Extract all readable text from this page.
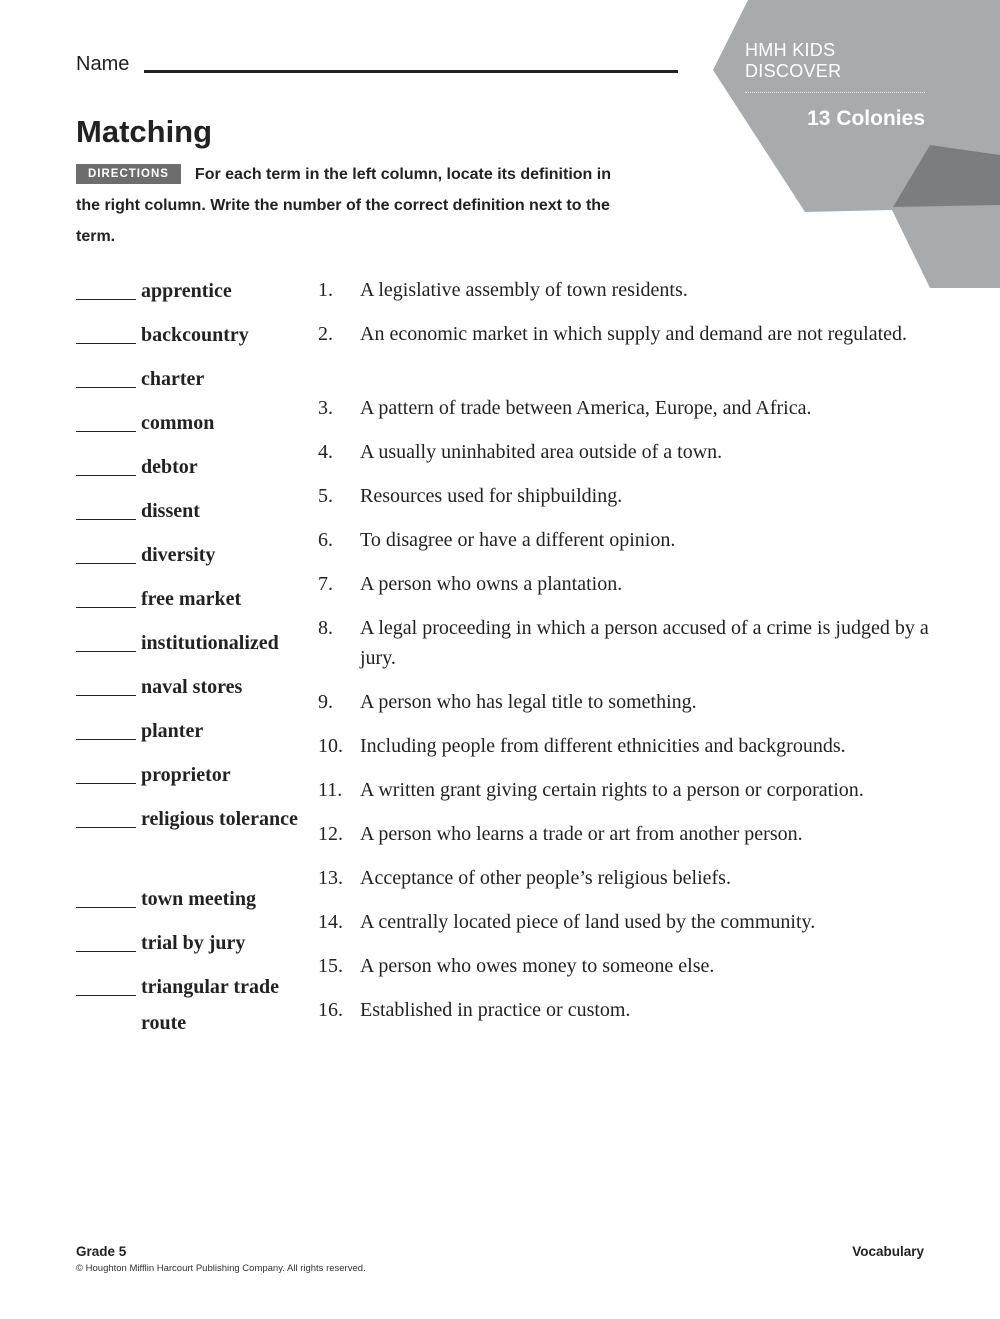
HMH KIDS DISCOVER
13 Colonies
Name
Matching
DIRECTIONS For each term in the left column, locate its definition in the right column. Write the number of the correct definition next to the term.
apprentice
backcountry
charter
common
debtor
dissent
diversity
free market
institutionalized
naval stores
planter
proprietor
religious tolerance
town meeting
trial by jury
triangular trade route
1. A legislative assembly of town residents.
2. An economic market in which supply and demand are not regulated.
3. A pattern of trade between America, Europe, and Africa.
4. A usually uninhabited area outside of a town.
5. Resources used for shipbuilding.
6. To disagree or have a different opinion.
7. A person who owns a plantation.
8. A legal proceeding in which a person accused of a crime is judged by a jury.
9. A person who has legal title to something.
10. Including people from different ethnicities and backgrounds.
11. A written grant giving certain rights to a person or corporation.
12. A person who learns a trade or art from another person.
13. Acceptance of other people’s religious beliefs.
14. A centrally located piece of land used by the community.
15. A person who owes money to someone else.
16. Established in practice or custom.
Grade 5
© Houghton Mifflin Harcourt Publishing Company. All rights reserved.
Vocabulary
